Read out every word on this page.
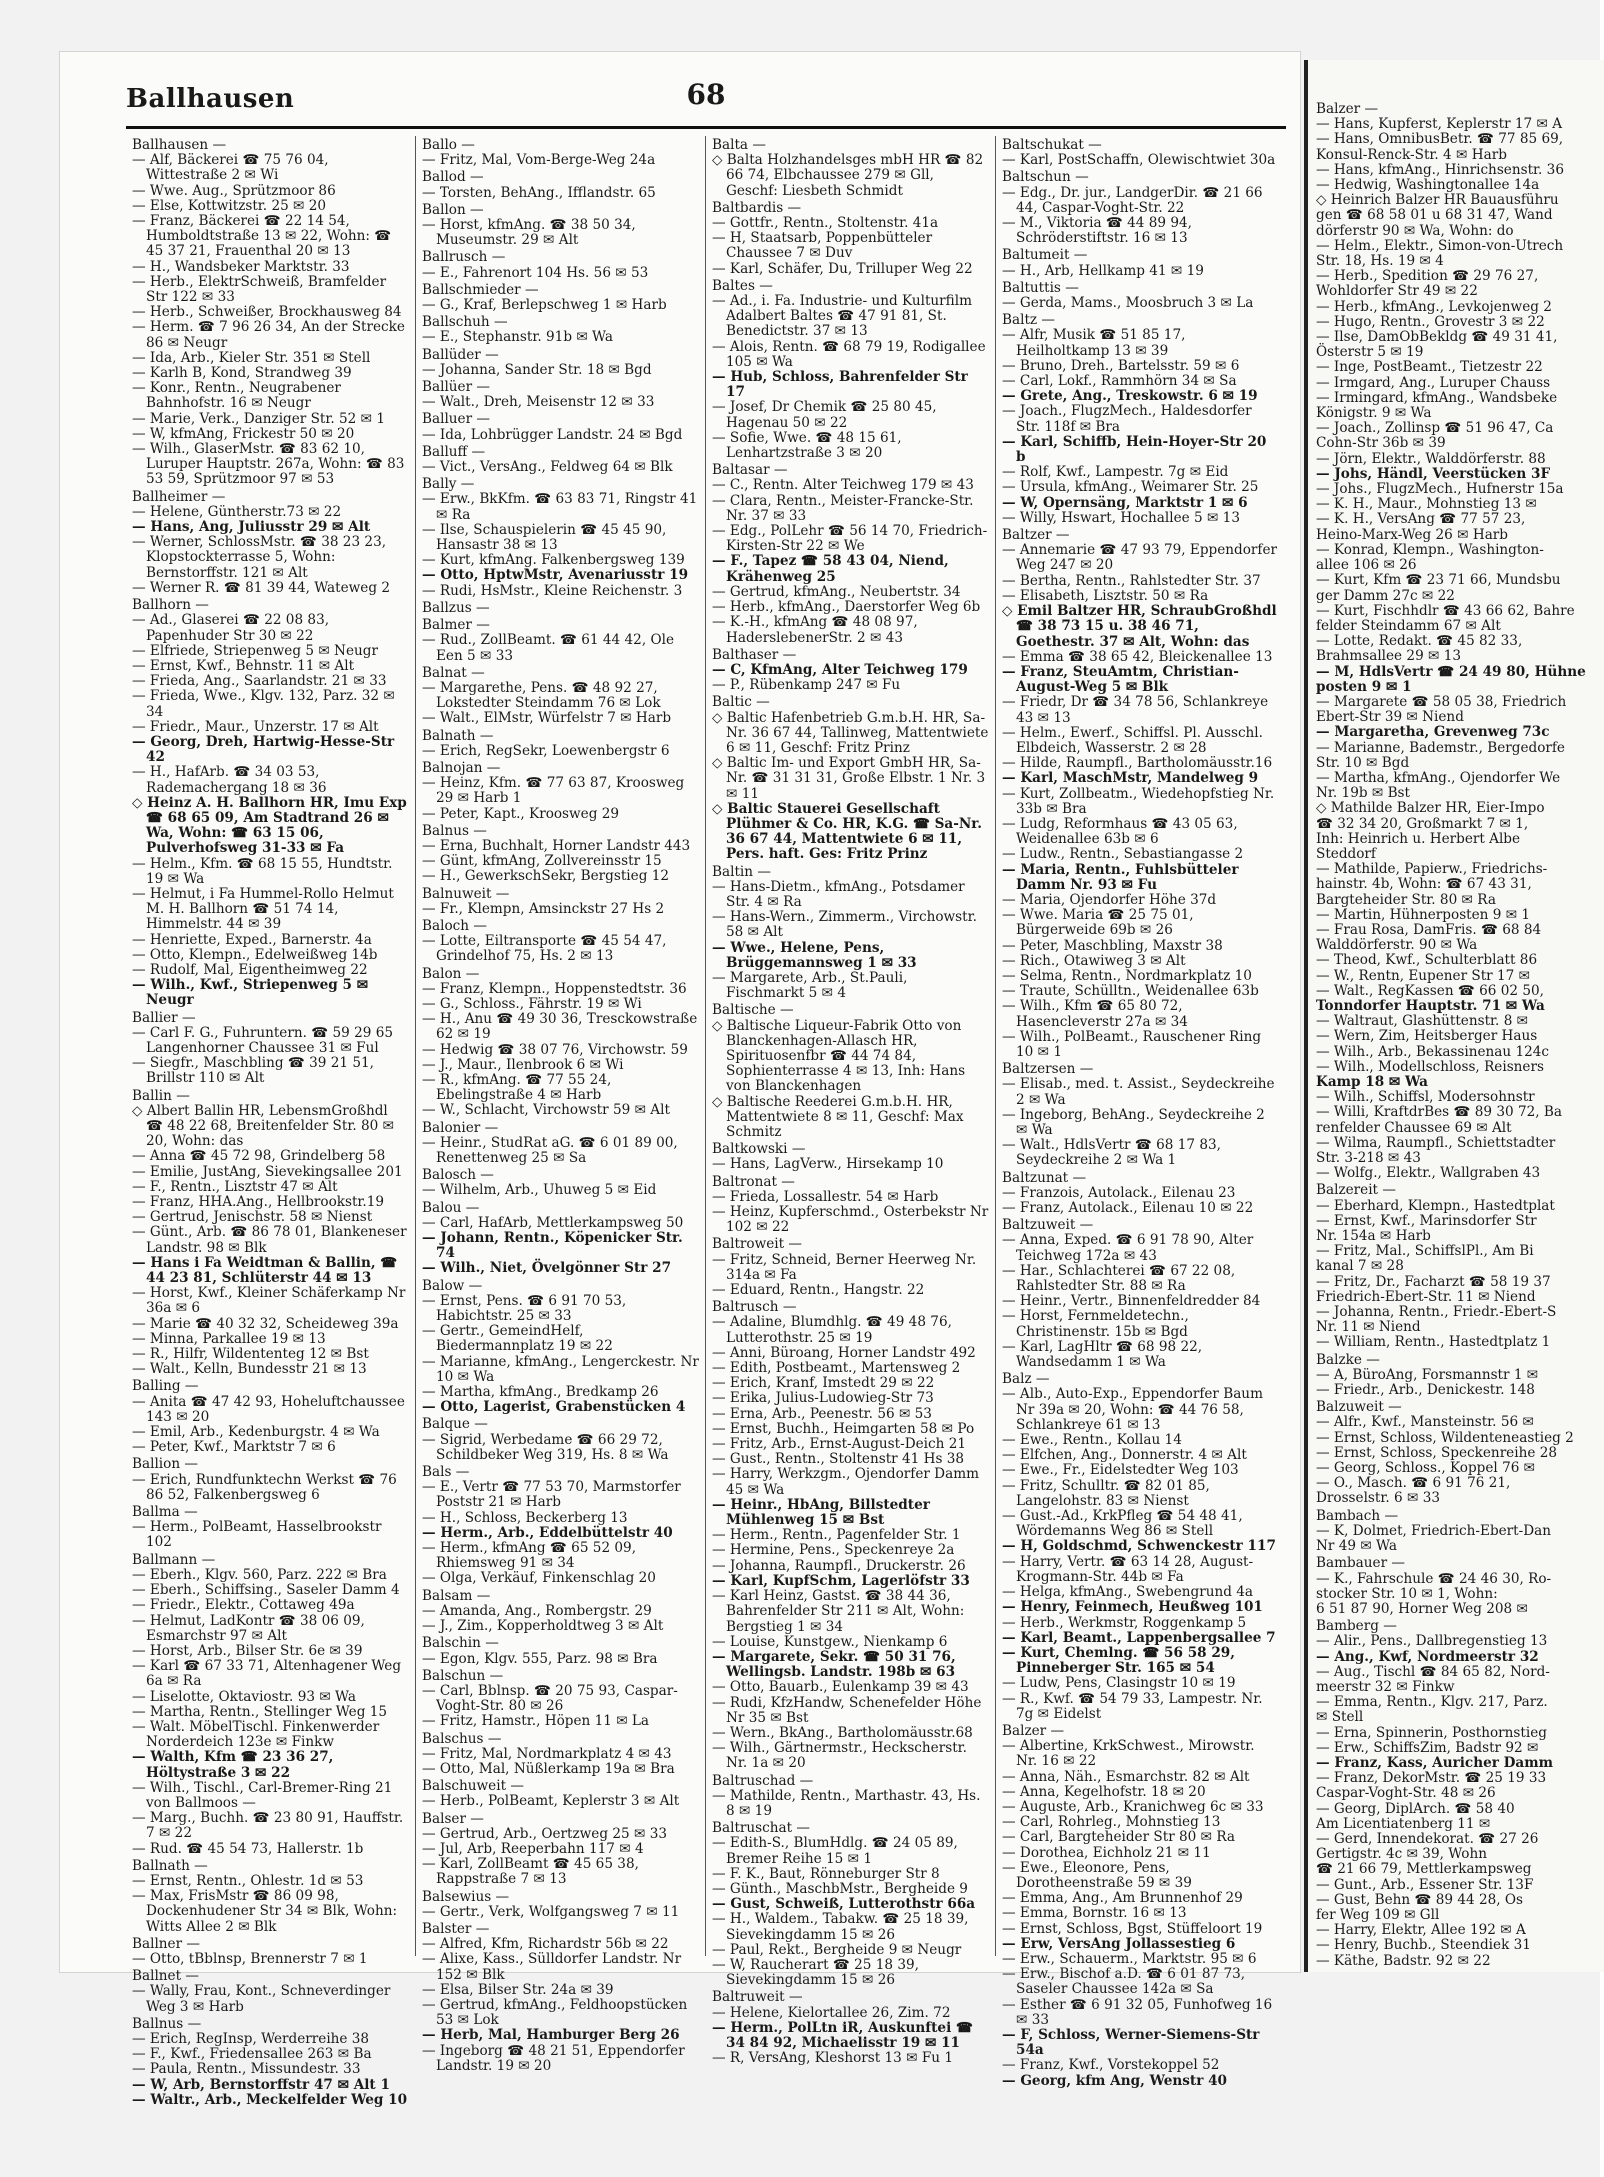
Ballhausen	68

Ballhausen —

— Alf, Bäckerei ☎ 75 76 04, Wittestraße 2 ✉ Wi

— Wwe. Aug., Sprützmoor 86

— Else, Kottwitzstr. 25 ✉ 20

— Franz, Bäckerei ☎ 22 14 54, Humboldtstraße 13 ✉ 22, Wohn: ☎ 45 37 21, Frauenthal 20 ✉ 13

— H., Wandsbeker Marktstr. 33

— Herb., ElektrSchweiß, Bramfelder Str 122 ✉ 33

— Herb., Schweißer, Brockhausweg 84

— Herm. ☎ 7 96 26 34, An der Strecke 86 ✉ Neugr

— Ida, Arb., Kieler Str. 351 ✉ Stell

— Karlh B, Kond, Strandweg 39

— Konr., Rentn., Neugrabener Bahnhofstr. 16 ✉ Neugr

— Marie, Verk., Danziger Str. 52 ✉ 1

— W, kfmAng, Frickestr 50 ✉ 20

— Wilh., GlaserMstr. ☎ 83 62 10, Luruper Hauptstr. 267a, Wohn: ☎ 83 53 59, Sprützmoor 97 ✉ 53

Ballheimer —

— Helene, Güntherstr.73 ✉ 22

— Hans, Ang, Juliusstr 29 ✉ Alt

— Werner, SchlossMstr. ☎ 38 23 23, Klopstockterrasse 5, Wohn: Bernstorffstr. 121 ✉ Alt

— Werner R. ☎ 81 39 44, Wateweg 2

Ballhorn —

— Ad., Glaserei ☎ 22 08 83, Papenhuder Str 30 ✉ 22

— Elfriede, Striepenweg 5 ✉ Neugr

— Ernst, Kwf., Behnstr. 11 ✉ Alt

— Frieda, Ang., Saarlandstr. 21 ✉ 33

— Frieda, Wwe., Klgv. 132, Parz. 32 ✉ 34

— Friedr., Maur., Unzerstr. 17 ✉ Alt

— Georg, Dreh, Hartwig-Hesse-Str 42

— H., HafArb. ☎ 34 03 53, Rademachergang 18 ✉ 36

◇ Heinz A. H. Ballhorn HR, Imu Exp ☎ 68 65 09, Am Stadtrand 26 ✉ Wa, Wohn: ☎ 63 15 06, Pulverhofsweg 31-33 ✉ Fa

— Helm., Kfm. ☎ 68 15 55, Hundtstr. 19 ✉ Wa

— Helmut, i Fa Hummel-Rollo Helmut M. H. Ballhorn ☎ 51 74 14, Himmelstr. 44 ✉ 39

— Henriette, Exped., Barnerstr. 4a

— Otto, Klempn., Edelweißweg 14b

— Rudolf, Mal, Eigentheimweg 22

— Wilh., Kwf., Striepenweg 5 ✉ Neugr

Ballier —

— Carl F. G., Fuhruntern. ☎ 59 29 65 Langenhorner Chaussee 31 ✉ Ful

— Siegfr., Maschbling ☎ 39 21 51, Brillstr 110 ✉ Alt

Ballin —

◇ Albert Ballin HR, LebensmGroßhdl ☎ 48 22 68, Breitenfelder Str. 80 ✉ 20, Wohn: das

— Anna ☎ 45 72 98, Grindelberg 58

— Emilie, JustAng, Sievekingsallee 201

— F., Rentn., Lisztstr 47 ✉ Alt

— Franz, HHA.Ang., Hellbrookstr.19

— Gertrud, Jenischstr. 58 ✉ Nienst

— Günt., Arb. ☎ 86 78 01, Blankeneser Landstr. 98 ✉ Blk

— Hans i Fa Weidtman & Ballin, ☎ 44 23 81, Schlüterstr 44 ✉ 13

— Horst, Kwf., Kleiner Schäferkamp Nr 36a ✉ 6

— Marie ☎ 40 32 32, Scheideweg 39a

— Minna, Parkallee 19 ✉ 13

— R., Hilfr, Wildententeg 12 ✉ Bst

— Walt., Kelln, Bundesstr 21 ✉ 13

Balling —

— Anita ☎ 47 42 93, Hoheluftchaussee 143 ✉ 20

— Emil, Arb., Kedenburgstr. 4 ✉ Wa

— Peter, Kwf., Marktstr 7 ✉ 6

Ballion —

— Erich, Rundfunktechn Werkst ☎ 76 86 52, Falkenbergsweg 6

Ballma —

— Herm., PolBeamt, Hasselbrookstr 102

Ballmann —

— Eberh., Klgv. 560, Parz. 222 ✉ Bra

— Eberh., Schiffsing., Saseler Damm 4

— Friedr., Elektr., Cottaweg 49a

— Helmut, LadKontr ☎ 38 06 09, Esmarchstr 97 ✉ Alt

— Horst, Arb., Bilser Str. 6e ✉ 39

— Karl ☎ 67 33 71, Altenhagener Weg 6a ✉ Ra

— Liselotte, Oktaviostr. 93 ✉ Wa

— Martha, Rentn., Stellinger Weg 15

— Walt. MöbelTischl. Finkenwerder Norderdeich 123e ✉ Finkw

— Walth, Kfm ☎ 23 36 27, Höltystraße 3 ✉ 22

— Wilh., Tischl., Carl-Bremer-Ring 21 von Ballmoos —

— Marg., Buchh. ☎ 23 80 91, Hauffstr. 7 ✉ 22

— Rud. ☎ 45 54 73, Hallerstr. 1b

Ballnath —

— Ernst, Rentn., Ohlestr. 1d ✉ 53

— Max, FrisMstr ☎ 86 09 98, Dockenhudener Str 34 ✉ Blk, Wohn: Witts Allee 2 ✉ Blk

Ballner —

— Otto, tBblnsp, Brennerstr 7 ✉ 1

Ballnet —

— Wally, Frau, Kont., Schneverdinger Weg 3 ✉ Harb

Ballnus —

— Erich, RegInsp, Werderreihe 38

— F., Kwf., Friedensallee 263 ✉ Ba

— Paula, Rentn., Missundestr. 33

— W, Arb, Bernstorffstr 47 ✉ Alt 1

— Waltr., Arb., Meckelfelder Weg 10

Ballo —

— Fritz, Mal, Vom-Berge-Weg 24a

Ballod —

— Torsten, BehAng., Ifflandstr. 65

Ballon —

— Horst, kfmAng. ☎ 38 50 34, Museumstr. 29 ✉ Alt

Ballrusch —

— E., Fahrenort 104 Hs. 56 ✉ 53

Ballschmieder —

— G., Kraf, Berlepschweg 1 ✉ Harb

Ballschuh —

— E., Stephanstr. 91b ✉ Wa

Ballüder —

— Johanna, Sander Str. 18 ✉ Bgd

Ballüer —

— Walt., Dreh, Meisenstr 12 ✉ 33

Balluer —

— Ida, Lohbrügger Landstr. 24 ✉ Bgd

Balluff —

— Vict., VersAng., Feldweg 64 ✉ Blk

Bally —

— Erw., BkKfm. ☎ 63 83 71, Ringstr 41 ✉ Ra

— Ilse, Schauspielerin ☎ 45 45 90, Hansastr 38 ✉ 13

— Kurt, kfmAng. Falkenbergsweg 139

— Otto, HptwMstr, Avenariusstr 19

— Rudi, HsMstr., Kleine Reichenstr. 3

Ballzus —

Balmer —

— Rud., ZollBeamt. ☎ 61 44 42, Ole Een 5 ✉ 33

Balnat —

— Margarethe, Pens. ☎ 48 92 27, Lokstedter Steindamm 76 ✉ Lok

— Walt., ElMstr, Würfelstr 7 ✉ Harb

Balnath —

— Erich, RegSekr, Loewenbergstr 6

Balnojan —

— Heinz, Kfm. ☎ 77 63 87, Kroosweg 29 ✉ Harb 1

— Peter, Kapt., Kroosweg 29

Balnus —

— Erna, Buchhalt, Horner Landstr 443

— Günt, kfmAng, Zollvereinsstr 15

— H., GewerkschSekr, Bergstieg 12

Balnuweit —

— Fr., Klempn, Amsinckstr 27 Hs 2

Baloch —

— Lotte, Eiltransporte ☎ 45 54 47, Grindelhof 75, Hs. 2 ✉ 13

Balon —

— Franz, Klempn., Hoppenstedtstr. 36

— G., Schloss., Fährstr. 19 ✉ Wi

— H., Anu ☎ 49 30 36, Tresckowstraße 62 ✉ 19

— Hedwig ☎ 38 07 76, Virchowstr. 59

— J., Maur., Ilenbrook 6 ✉ Wi

— R., kfmAng. ☎ 77 55 24, Ebelingstraße 4 ✉ Harb

— W., Schlacht, Virchowstr 59 ✉ Alt

Balonier —

— Heinr., StudRat aG. ☎ 6 01 89 00, Renettenweg 25 ✉ Sa

Balosch —

— Wilhelm, Arb., Uhuweg 5 ✉ Eid

Balou —

— Carl, HafArb, Mettlerkampsweg 50

— Johann, Rentn., Köpenicker Str. 74

— Wilh., Niet, Övelgönner Str 27

Balow —

— Ernst, Pens. ☎ 6 91 70 53, Habichtstr. 25 ✉ 33

— Gertr., GemeindHelf, Biedermannplatz 19 ✉ 22

— Marianne, kfmAng., Lengerckestr. Nr 10 ✉ Wa

— Martha, kfmAng., Bredkamp 26

— Otto, Lagerist, Grabenstücken 4

Balque —

— Sigrid, Werbedame ☎ 66 29 72, Schildbeker Weg 319, Hs. 8 ✉ Wa

Bals —

— E., Vertr ☎ 77 53 70, Marmstorfer Poststr 21 ✉ Harb

— H., Schloss, Beckerberg 13

— Herm., Arb., Eddelbüttelstr 40

— Herm., kfmAng ☎ 65 52 09, Rhiemsweg 91 ✉ 34

— Olga, Verkäuf, Finkenschlag 20

Balsam —

— Amanda, Ang., Rombergstr. 29

— J., Zim., Kopperholdtweg 3 ✉ Alt

Balschin —

— Egon, Klgv. 555, Parz. 98 ✉ Bra

Balschun —

— Carl, Bblnsp. ☎ 20 75 93, Caspar-Voght-Str. 80 ✉ 26

— Fritz, Hamstr., Höpen 11 ✉ La

Balschus —

— Fritz, Mal, Nordmarkplatz 4 ✉ 43

— Otto, Mal, Nüßlerkamp 19a ✉ Bra

Balschuweit —

— Herb., PolBeamt, Keplerstr 3 ✉ Alt

Balser —

— Gertrud, Arb., Oertzweg 25 ✉ 33

— Jul, Arb, Reeperbahn 117 ✉ 4

— Karl, ZollBeamt ☎ 45 65 38, Rappstraße 7 ✉ 13

Balsewius —

— Gertr., Verk, Wolfgangsweg 7 ✉ 11

Balster —

— Alfred, Kfm, Richardstr 56b ✉ 22

— Alixe, Kass., Sülldorfer Landstr. Nr 152 ✉ Blk

— Elsa, Bilser Str. 24a ✉ 39

— Gertrud, kfmAng., Feldhoopstücken 53 ✉ Lok

— Herb, Mal, Hamburger Berg 26

— Ingeborg ☎ 48 21 51, Eppendorfer Landstr. 19 ✉ 20

Balta —

◇ Balta Holzhandelsges mbH HR ☎ 82 66 74, Elbchaussee 279 ✉ Gll, Geschf: Liesbeth Schmidt

Baltbardis —

— Gottfr., Rentn., Stoltenstr. 41a

— H, Staatsarb, Poppenbütteler Chaussee 7 ✉ Duv

— Karl, Schäfer, Du, Trilluper Weg 22

Baltes —

— Ad., i. Fa. Industrie- und Kulturfilm Adalbert Baltes ☎ 47 91 81, St. Benedictstr. 37 ✉ 13

— Alois, Rentn. ☎ 68 79 19, Rodigallee 105 ✉ Wa

— Hub, Schloss, Bahrenfelder Str 17

— Josef, Dr Chemik ☎ 25 80 45, Hagenau 50 ✉ 22

— Sofie, Wwe. ☎ 48 15 61, Lenhartzstraße 3 ✉ 20

Baltasar —

— C., Rentn. Alter Teichweg 179 ✉ 43

— Clara, Rentn., Meister-Francke-Str. Nr. 37 ✉ 33

— Edg., PolLehr ☎ 56 14 70, Friedrich-Kirsten-Str 22 ✉ We

— F., Tapez ☎ 58 43 04, Niend, Krähenweg 25

— Gertrud, kfmAng., Neubertstr. 34

— Herb., kfmAng., Daerstorfer Weg 6b

— K.-H., kfmAng ☎ 48 08 97, HaderslebenerStr. 2 ✉ 43

Balthaser —

— C, KfmAng, Alter Teichweg 179

— P., Rübenkamp 247 ✉ Fu

Baltic —

◇ Baltic Hafenbetrieb G.m.b.H. HR, Sa-Nr. 36 67 44, Tallinweg, Mattentwiete 6 ✉ 11, Geschf: Fritz Prinz

◇ Baltic Im- und Export GmbH HR, Sa-Nr. ☎ 31 31 31, Große Elbstr. 1 Nr. 3 ✉ 11

◇ Baltic Stauerei Gesellschaft Plühmer & Co. HR, K.G. ☎ Sa-Nr. 36 67 44, Mattentwiete 6 ✉ 11, Pers. haft. Ges: Fritz Prinz

Baltin —

— Hans-Dietm., kfmAng., Potsdamer Str. 4 ✉ Ra

— Hans-Wern., Zimmerm., Virchowstr. 58 ✉ Alt

— Wwe., Helene, Pens, Brüggemannsweg 1 ✉ 33

— Margarete, Arb., St.Pauli, Fischmarkt 5 ✉ 4

Baltische —

◇ Baltische Liqueur-Fabrik Otto von Blanckenhagen-Allasch HR, Spirituosenfbr ☎ 44 74 84, Sophienterrasse 4 ✉ 13, Inh: Hans von Blanckenhagen

◇ Baltische Reederei G.m.b.H. HR, Mattentwiete 8 ✉ 11, Geschf: Max Schmitz

Baltkowski —

— Hans, LagVerw., Hirsekamp 10

Baltronat —

— Frieda, Lossallestr. 54 ✉ Harb

— Heinz, Kupferschmd., Osterbekstr Nr 102 ✉ 22

Baltroweit —

— Fritz, Schneid, Berner Heerweg Nr. 314a ✉ Fa

— Eduard, Rentn., Hangstr. 22

Baltrusch —

— Adaline, Blumdhlg. ☎ 49 48 76, Lutterothstr. 25 ✉ 19

— Anni, Büroang, Horner Landstr 492

— Edith, Postbeamt., Martensweg 2

— Erich, Kranf, Imstedt 29 ✉ 22

— Erika, Julius-Ludowieg-Str 73

— Erna, Arb., Peenestr. 56 ✉ 53

— Ernst, Buchh., Heimgarten 58 ✉ Po

— Fritz, Arb., Ernst-August-Deich 21

— Gust., Rentn., Stoltenstr 41 Hs 38

— Harry, Werkzgm., Ojendorfer Damm 45 ✉ Wa

— Heinr., HbAng, Billstedter Mühlenweg 15 ✉ Bst

— Herm., Rentn., Pagenfelder Str. 1

— Hermine, Pens., Speckenreye 2a

— Johanna, Raumpfl., Druckerstr. 26

— Karl, KupfSchm, Lagerlöfstr 33

— Karl Heinz, Gastst. ☎ 38 44 36, Bahrenfelder Str 211 ✉ Alt, Wohn: Bergstieg 1 ✉ 34

— Louise, Kunstgew., Nienkamp 6

— Margarete, Sekr. ☎ 50 31 76, Wellingsb. Landstr. 198b ✉ 63

— Otto, Bauarb., Eulenkamp 39 ✉ 43

— Rudi, KfzHandw, Schenefelder Höhe Nr 35 ✉ Bst

— Wern., BkAng., Bartholomäusstr.68

— Wilh., Gärtnermstr., Heckscherstr. Nr. 1a ✉ 20

Baltruschad —

— Mathilde, Rentn., Marthastr. 43, Hs. 8 ✉ 19

Baltruschat —

— Edith-S., BlumHdlg. ☎ 24 05 89, Bremer Reihe 15 ✉ 1

— F. K., Baut, Rönneburger Str 8

— Günth., MaschbMstr., Bergheide 9

— Gust, Schweiß, Lutterothstr 66a

— H., Waldem., Tabakw. ☎ 25 18 39, Sievekingdamm 15 ✉ 26

— Paul, Rekt., Bergheide 9 ✉ Neugr

— W, Raucherart ☎ 25 18 39, Sievekingdamm 15 ✉ 26

Baltruweit —

— Helene, Kielortallee 26, Zim. 72

— Herm., PolLtn iR, Auskunftei ☎ 34 84 92, Michaelisstr 19 ✉ 11

— R, VersAng, Kleshorst 13 ✉ Fu 1

Baltschukat —

— Karl, PostSchaffn, Olewischtwiet 30a

Baltschun —

— Edg., Dr. jur., LandgerDir. ☎ 21 66 44, Caspar-Voght-Str. 22

— M., Viktoria ☎ 44 89 94, Schröderstiftstr. 16 ✉ 13

Baltumeit —

— H., Arb, Hellkamp 41 ✉ 19

Baltuttis —

— Gerda, Mams., Moosbruch 3 ✉ La

Baltz —

— Alfr, Musik ☎ 51 85 17, Heilholtkamp 13 ✉ 39

— Bruno, Dreh., Bartelsstr. 59 ✉ 6

— Carl, Lokf., Rammhörn 34 ✉ Sa

— Grete, Ang., Treskowstr. 6 ✉ 19

— Joach., FlugzMech., Haldesdorfer Str. 118f ✉ Bra

— Karl, Schiffb, Hein-Hoyer-Str 20 b

— Rolf, Kwf., Lampestr. 7g ✉ Eid

— Ursula, kfmAng., Weimarer Str. 25

— W, Opernsäng, Marktstr 1 ✉ 6

— Willy, Hswart, Hochallee 5 ✉ 13

Baltzer —

— Annemarie ☎ 47 93 79, Eppendorfer Weg 247 ✉ 20

— Bertha, Rentn., Rahlstedter Str. 37

— Elisabeth, Lisztstr. 50 ✉ Ra

◇ Emil Baltzer HR, SchraubGroßhdl ☎ 38 73 15 u. 38 46 71, Goethestr. 37 ✉ Alt, Wohn: das

— Emma ☎ 38 65 42, Bleickenallee 13

— Franz, SteuAmtm, Christian-August-Weg 5 ✉ Blk

— Friedr, Dr ☎ 34 78 56, Schlankreye 43 ✉ 13

— Helm., Ewerf., Schiffsl. Pl. Ausschl. Elbdeich, Wasserstr. 2 ✉ 28

— Hilde, Raumpfl., Bartholomäusstr.16

— Karl, MaschMstr, Mandelweg 9

— Kurt, Zollbeatm., Wiedehopfstieg Nr. 33b ✉ Bra

— Ludg, Reformhaus ☎ 43 05 63, Weidenallee 63b ✉ 6

— Ludw., Rentn., Sebastiangasse 2

— Maria, Rentn., Fuhlsbütteler Damm Nr. 93 ✉ Fu

— Maria, Ojendorfer Höhe 37d

— Wwe. Maria ☎ 25 75 01, Bürgerweide 69b ✉ 26

— Peter, Maschbling, Maxstr 38

— Rich., Otawiweg 3 ✉ Alt

— Selma, Rentn., Nordmarkplatz 10

— Traute, Schülltn., Weidenallee 63b

— Wilh., Kfm ☎ 65 80 72, Hasencleverstr 27a ✉ 34

— Wilh., PolBeamt., Rauschener Ring 10 ✉ 1

Baltzersen —

— Elisab., med. t. Assist., Seydeckreihe 2 ✉ Wa

— Ingeborg, BehAng., Seydeckreihe 2 ✉ Wa

— Walt., HdlsVertr ☎ 68 17 83, Seydeckreihe 2 ✉ Wa 1

Baltzunat —

— Franzois, Autolack., Eilenau 23

— Franz, Autolack., Eilenau 10 ✉ 22

Baltzuweit —

— Anna, Exped. ☎ 6 91 78 90, Alter Teichweg 172a ✉ 43

— Har., Schlachterei ☎ 67 22 08, Rahlstedter Str. 88 ✉ Ra

— Heinr., Vertr., Binnenfeldredder 84

— Horst, Fernmeldetechn., Christinenstr. 15b ✉ Bgd

— Karl, LagHltr ☎ 68 98 22, Wandsedamm 1 ✉ Wa

Balz —

— Alb., Auto-Exp., Eppendorfer Baum Nr 39a ✉ 20, Wohn: ☎ 44 76 58, Schlankreye 61 ✉ 13

— Ewe., Rentn., Kollau 14

— Elfchen, Ang., Donnerstr. 4 ✉ Alt

— Ewe., Fr., Eidelstedter Weg 103

— Fritz, Schulltr. ☎ 82 01 85, Langelohstr. 83 ✉ Nienst

— Gust.-Ad., KrkPfleg ☎ 54 48 41, Wördemanns Weg 86 ✉ Stell

— H, Goldschmd, Schwenckestr 117

— Harry, Vertr. ☎ 63 14 28, August-Krogmann-Str. 44b ✉ Fa

— Helga, kfmAng., Swebengrund 4a

— Henry, Feinmech, Heußweg 101

— Herb., Werkmstr, Roggenkamp 5

— Karl, Beamt., Lappenbergsallee 7

— Kurt, Chemlng. ☎ 56 58 29, Pinneberger Str. 165 ✉ 54

— Ludw, Pens, Clasingstr 10 ✉ 19

— R., Kwf. ☎ 54 79 33, Lampestr. Nr. 7g ✉ Eidelst

Balzer —

— Albertine, KrkSchwest., Mirowstr. Nr. 16 ✉ 22

— Anna, Näh., Esmarchstr. 82 ✉ Alt

— Anna, Kegelhofstr. 18 ✉ 20

— Auguste, Arb., Kranichweg 6c ✉ 33

— Carl, Rohrleg., Mohnstieg 13

— Carl, Bargteheider Str 80 ✉ Ra

— Dorothea, Eichholz 21 ✉ 11

— Ewe., Eleonore, Pens, Dorotheenstraße 59 ✉ 39

— Emma, Ang., Am Brunnenhof 29

— Emma, Bornstr. 16 ✉ 13

— Ernst, Schloss, Bgst, Stüffeloort 19

— Erw, VersAng Jollassestieg 6

— Erw., Schauerm., Marktstr. 95 ✉ 6

— Erw., Bischof a.D. ☎ 6 01 87 73, Saseler Chaussee 142a ✉ Sa

— Esther ☎ 6 91 32 05, Funhofweg 16 ✉ 33

— F, Schloss, Werner-Siemens-Str 54a

— Franz, Kwf., Vorstekoppel 52

— Georg, kfm Ang, Wenstr 40

Balzer —

— Hans, Kupferst, Keplerstr 17 ✉ A

— Hans, OmnibusBetr. ☎ 77 85 69,

Konsul-Renck-Str. 4 ✉ Harb

— Hans, kfmAng., Hinrichsenstr. 36

— Hedwig, Washingtonallee 14a

◇ Heinrich Balzer HR Bauausführu

gen ☎ 68 58 01 u 68 31 47, Wand

dörferstr 90 ✉ Wa, Wohn: do

— Helm., Elektr., Simon-von-Utrech

Str. 18, Hs. 19 ✉ 4

— Herb., Spedition ☎ 29 76 27,

Wohldorfer Str 49 ✉ 22

— Herb., kfmAng., Levkojenweg 2

— Hugo, Rentn., Grovestr 3 ✉ 22

— Ilse, DamObBekldg ☎ 49 31 41,

Österstr 5 ✉ 19

— Inge, PostBeamt., Tietzestr 22

— Irmgard, Ang., Luruper Chauss

— Irmingard, kfmAng., Wandsbeke

Königstr. 9 ✉ Wa

— Joach., Zollinsp ☎ 51 96 47, Ca

Cohn-Str 36b ✉ 39

— Jörn, Elektr., Walddörferstr. 88

— Johs, Händl, Veerstücken 3F

— Johs., FlugzMech., Hufnerstr 15a

— K. H., Maur., Mohnstieg 13 ✉

— K. H., VersAng ☎ 77 57 23,

Heino-Marx-Weg 26 ✉ Harb

— Konrad, Klempn., Washington-

allee 106 ✉ 26

— Kurt, Kfm ☎ 23 71 66, Mundsbu

ger Damm 27c ✉ 22

— Kurt, Fischhdlr ☎ 43 66 62, Bahre

felder Steindamm 67 ✉ Alt

— Lotte, Redakt. ☎ 45 82 33,

Brahmsallee 29 ✉ 13

— M, HdlsVertr ☎ 24 49 80, Hühne

posten 9 ✉ 1

— Margarete ☎ 58 05 38, Friedrich

Ebert-Str 39 ✉ Niend

— Margaretha, Grevenweg 73c

— Marianne, Bademstr., Bergedorfe

Str. 10 ✉ Bgd

— Martha, kfmAng., Ojendorfer We

Nr. 19b ✉ Bst

◇ Mathilde Balzer HR, Eier-Impo

☎ 32 34 20, Großmarkt 7 ✉ 1,

Inh: Heinrich u. Herbert Albe

Steddorf

— Mathilde, Papierw., Friedrichs-

hainstr. 4b, Wohn: ☎ 67 43 31,

Bargteheider Str. 80 ✉ Ra

— Martin, Hühnerposten 9 ✉ 1

— Frau Rosa, DamFris. ☎ 68 84

Walddörferstr. 90 ✉ Wa

— Theod, Kwf., Schulterblatt 86

— W., Rentn, Eupener Str 17 ✉

— Walt., RegKassen ☎ 66 02 50,

Tonndorfer Hauptstr. 71 ✉ Wa

— Waltraut, Glashüttenstr. 8 ✉

— Wern, Zim, Heitsberger Haus

— Wilh., Arb., Bekassinenau 124c

— Wilh., Modellschloss, Reisners

Kamp 18 ✉ Wa

— Wilh., Schiffsl, Modersohnstr

— Willi, KraftdrBes ☎ 89 30 72, Ba

renfelder Chaussee 69 ✉ Alt

— Wilma, Raumpfl., Schiettstadter

Str. 3-218 ✉ 43

— Wolfg., Elektr., Wallgraben 43

Balzereit —

— Eberhard, Klempn., Hastedtplat

— Ernst, Kwf., Marinsdorfer Str

Nr. 154a ✉ Harb

— Fritz, Mal., SchiffslPl., Am Bi

kanal 7 ✉ 28

— Fritz, Dr., Facharzt ☎ 58 19 37

Friedrich-Ebert-Str. 11 ✉ Niend

— Johanna, Rentn., Friedr.-Ebert-S

Nr. 11 ✉ Niend

— William, Rentn., Hastedtplatz 1

Balzke —

— A, BüroAng, Forsmannstr 1 ✉

— Friedr., Arb., Denickestr. 148

Balzuweit —

— Alfr., Kwf., Mansteinstr. 56 ✉

— Ernst, Schloss, Wildenteneastieg 2

— Ernst, Schloss, Speckenreihe 28

— Georg, Schloss., Koppel 76 ✉

— O., Masch. ☎ 6 91 76 21,

Drosselstr. 6 ✉ 33

Bambach —

— K, Dolmet, Friedrich-Ebert-Dan

Nr 49 ✉ Wa

Bambauer —

— K., Fahrschule ☎ 24 46 30, Ro-

stocker Str. 10 ✉ 1, Wohn:

6 51 87 90, Horner Weg 208 ✉

Bamberg —

— Alir., Pens., Dallbregenstieg 13

— Ang., Kwf, Nordmeerstr 32

— Aug., Tischl ☎ 84 65 82, Nord-

meerstr 32 ✉ Finkw

— Emma, Rentn., Klgv. 217, Parz.

✉ Stell

— Erna, Spinnerin, Posthornstieg

— Erw., SchiffsZim, Badstr 92 ✉

— Franz, Kass, Auricher Damm

— Franz, DekorMstr. ☎ 25 19 33

Caspar-Voght-Str. 48 ✉ 26

— Georg, DiplArch. ☎ 58 40

Am Licentiatenberg 11 ✉

— Gerd, Innendekorat. ☎ 27 26

Gertigstr. 4c ✉ 39, Wohn

☎ 21 66 79, Mettlerkampsweg

— Gunt., Arb., Essener Str. 13F

— Gust, Behn ☎ 89 44 28, Os

fer Weg 109 ✉ Gll

— Harry, Elektr, Allee 192 ✉ A

— Henry, Buchb., Steendiek 31

— Käthe, Badstr. 92 ✉ 22
